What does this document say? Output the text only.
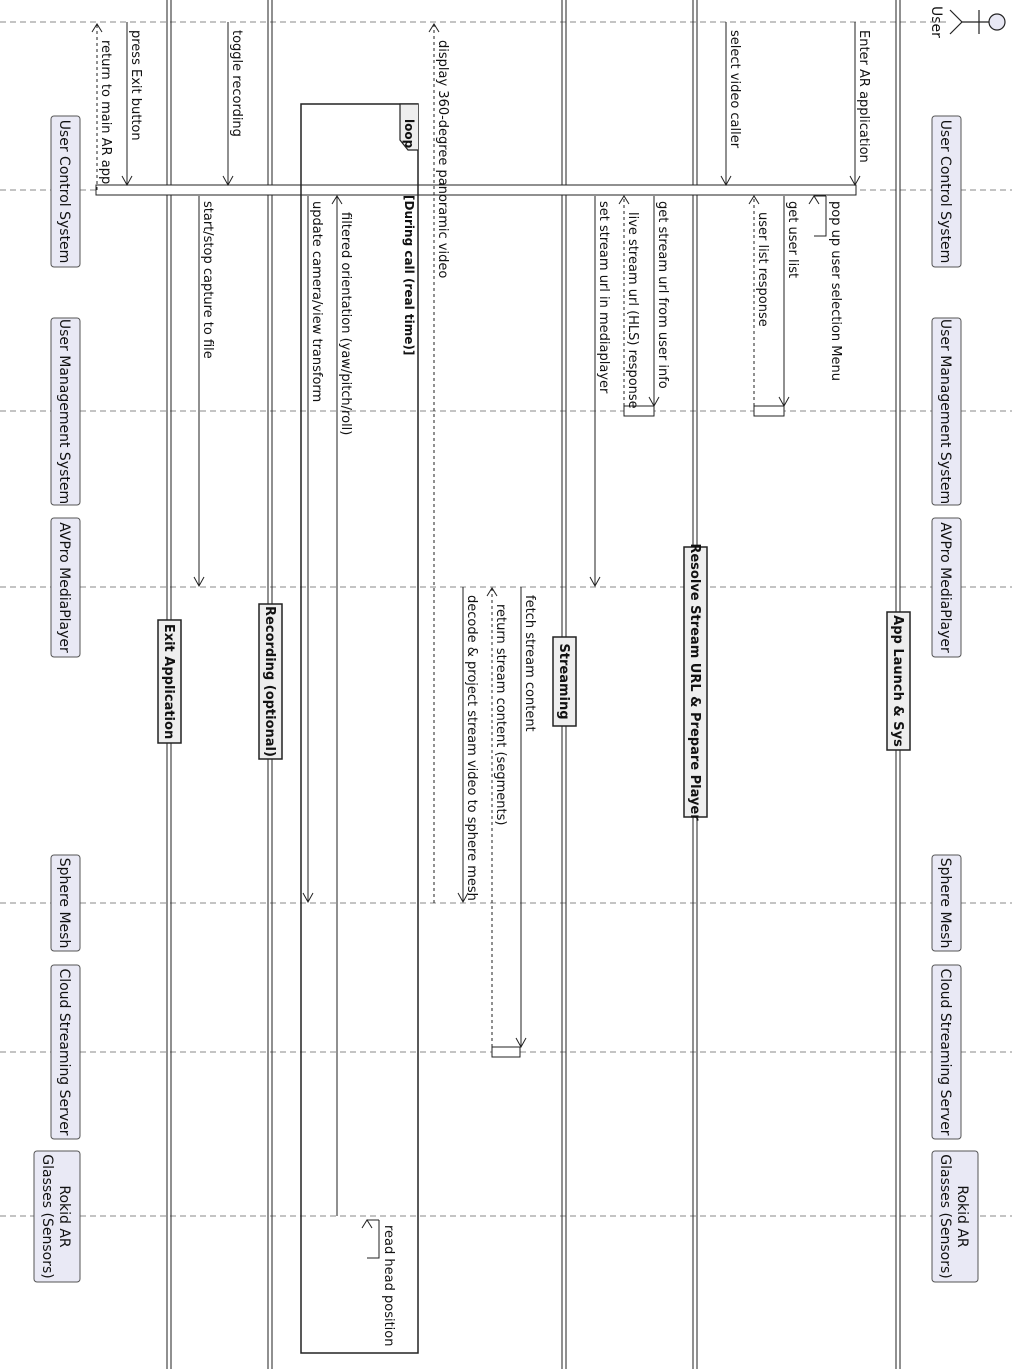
User
User Control System
User Management System
AVPro MediaPlayer
Sphere Mesh
Cloud Streaming Server
Rokid AR
Glasses (Sensors)
User Control System
User Management System
AVPro MediaPlayer
Sphere Mesh
Cloud Streaming Server
Rokid AR
Glasses (Sensors)
App Launch & Sys
Resolve Stream URL & Prepare Player
Streaming
Recording (optional)
Exit Application
loop
[During call (real time)]
Enter AR application
pop up user selection Menu
get user list
user list response
select video caller
get stream url from user info
live stream url (HLS) response
set stream url in mediaplayer
fetch stream content
return stream content (segments)
decode & project stream video to sphere mesh
display 360-degree panoramic video
read head position
filtered orientation (yaw/pitch/roll)
update camera/view transform
toggle recording
start/stop capture to file
press Exit button
return to main AR app
